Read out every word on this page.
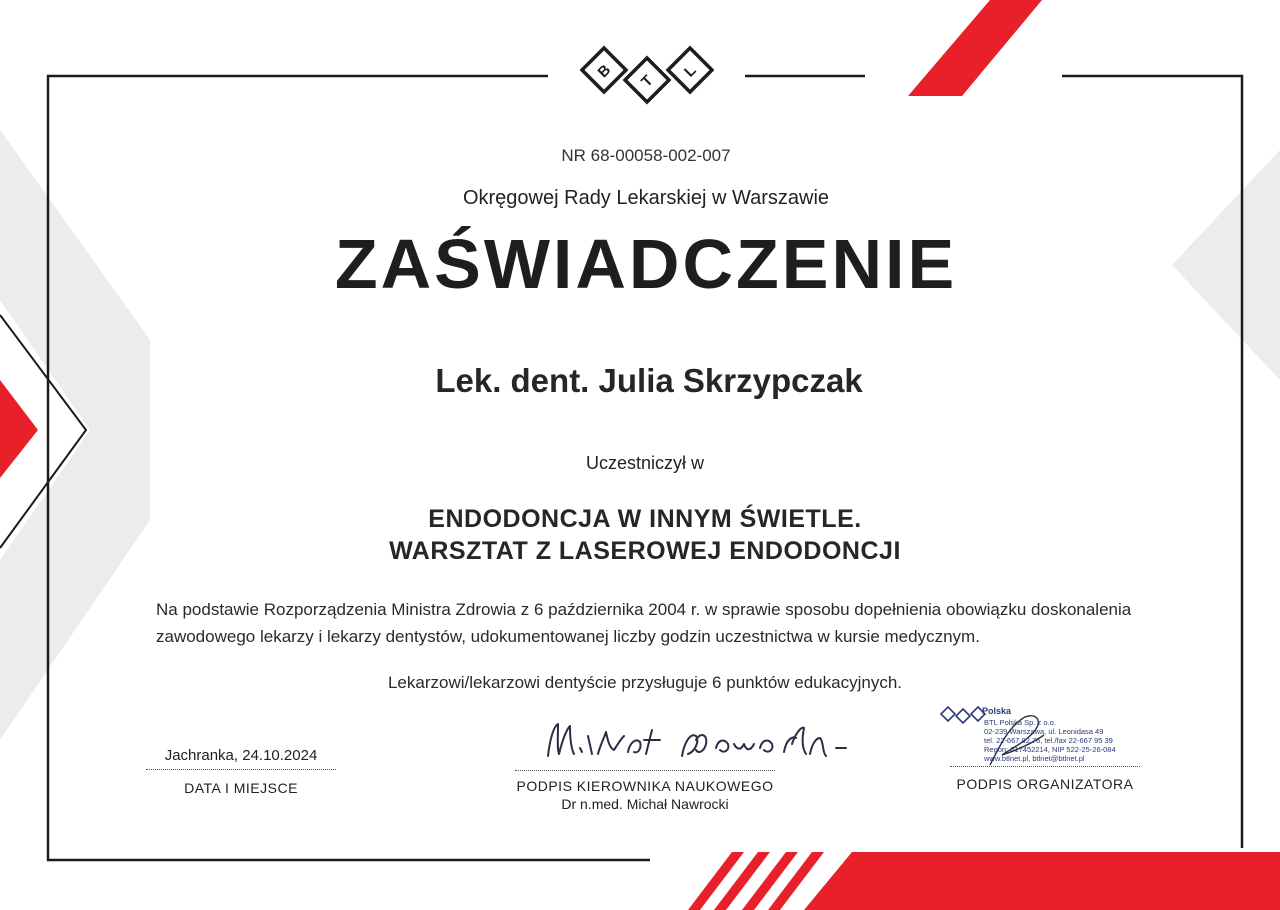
B
T
L
NR 68-00058-002-007
Okręgowej Rady Lekarskiej w Warszawie
ZAŚWIADCZENIE
Lek. dent. Julia Skrzypczak
Uczestniczył w
ENDODONCJA W INNYM ŚWIETLE.
WARSZTAT Z LASEROWEJ ENDODONCJI
Na podstawie Rozporządzenia Ministra Zdrowia z 6 października 2004 r. w sprawie sposobu dopełnienia obowiązku doskonalenia zawodowego lekarzy i lekarzy dentystów, udokumentowanej liczby godzin uczestnictwa w kursie medycznym.
Lekarzowi/lekarzowi dentyście przysługuje 6 punktów edukacyjnych.
Jachranka, 24.10.2024
DATA I MIEJSCE	PODPIS KIEROWNIKA NAUKOWEGO
Dr n.med. Michał Nawrocki
Polska
BTL Polska Sp. z o.o.
02-239 Warszawa, ul. Leonidasa 49
tel. 22-667 02 76, tel./fax 22-667 95 39
Regon: 017452214, NIP 522-25-26-084
www.btlnet.pl, btlnet@btlnet.pl
PODPIS ORGANIZATORA
